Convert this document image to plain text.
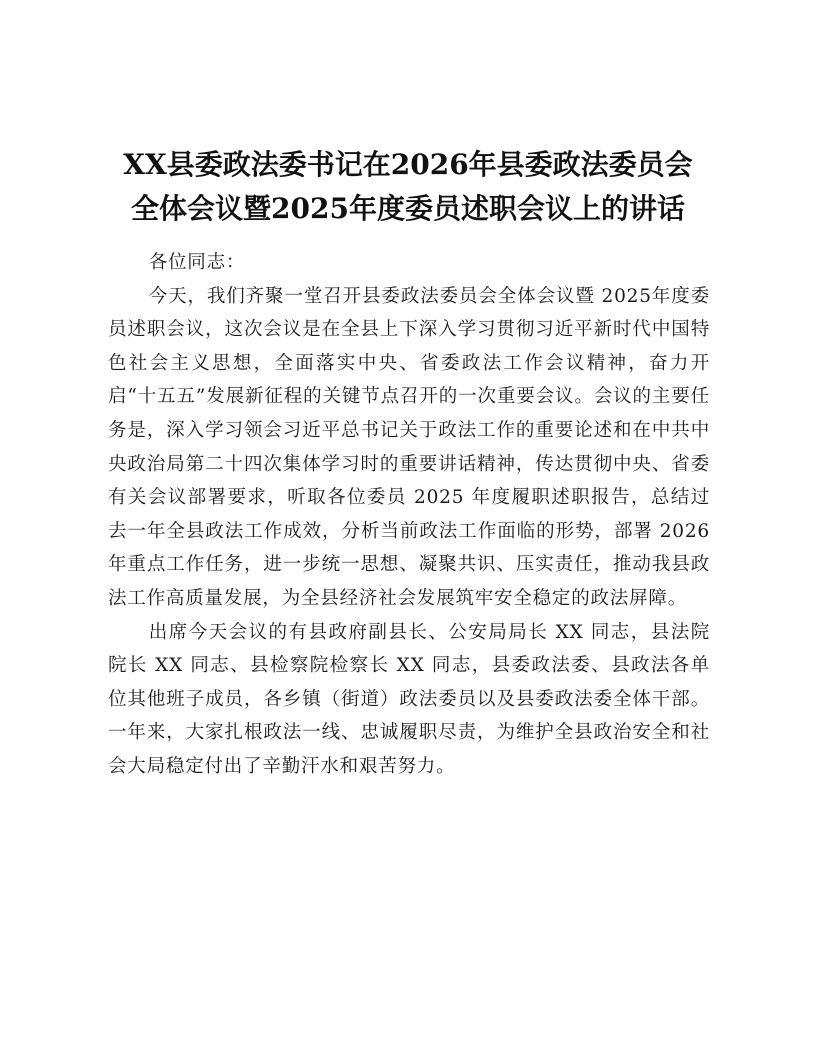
XX县委政法委书记在2026年县委政法委员会
全体会议暨2025年度委员述职会议上的讲话

各位同志：

今天，我们齐聚一堂召开县委政法委员会全体会议暨 2025年度委员述职会议，这次会议是在全县上下深入学习贯彻习近平新时代中国特色社会主义思想，全面落实中央、省委政法工作会议精神，奋力开启“十五五”发展新征程的关键节点召开的一次重要会议。会议的主要任务是，深入学习领会习近平总书记关于政法工作的重要论述和在中共中央政治局第二十四次集体学习时的重要讲话精神，传达贯彻中央、省委有关会议部署要求，听取各位委员 2025 年度履职述职报告，总结过去一年全县政法工作成效，分析当前政法工作面临的形势，部署 2026 年重点工作任务，进一步统一思想、凝聚共识、压实责任，推动我县政法工作高质量发展，为全县经济社会发展筑牢安全稳定的政法屏障。

出席今天会议的有县政府副县长、公安局局长 XX 同志，县法院院长 XX 同志、县检察院检察长 XX 同志，县委政法委、县政法各单位其他班子成员，各乡镇（街道）政法委员以及县委政法委全体干部。一年来，大家扎根政法一线、忠诚履职尽责，为维护全县政治安全和社会大局稳定付出了辛勤汗水和艰苦努力。
